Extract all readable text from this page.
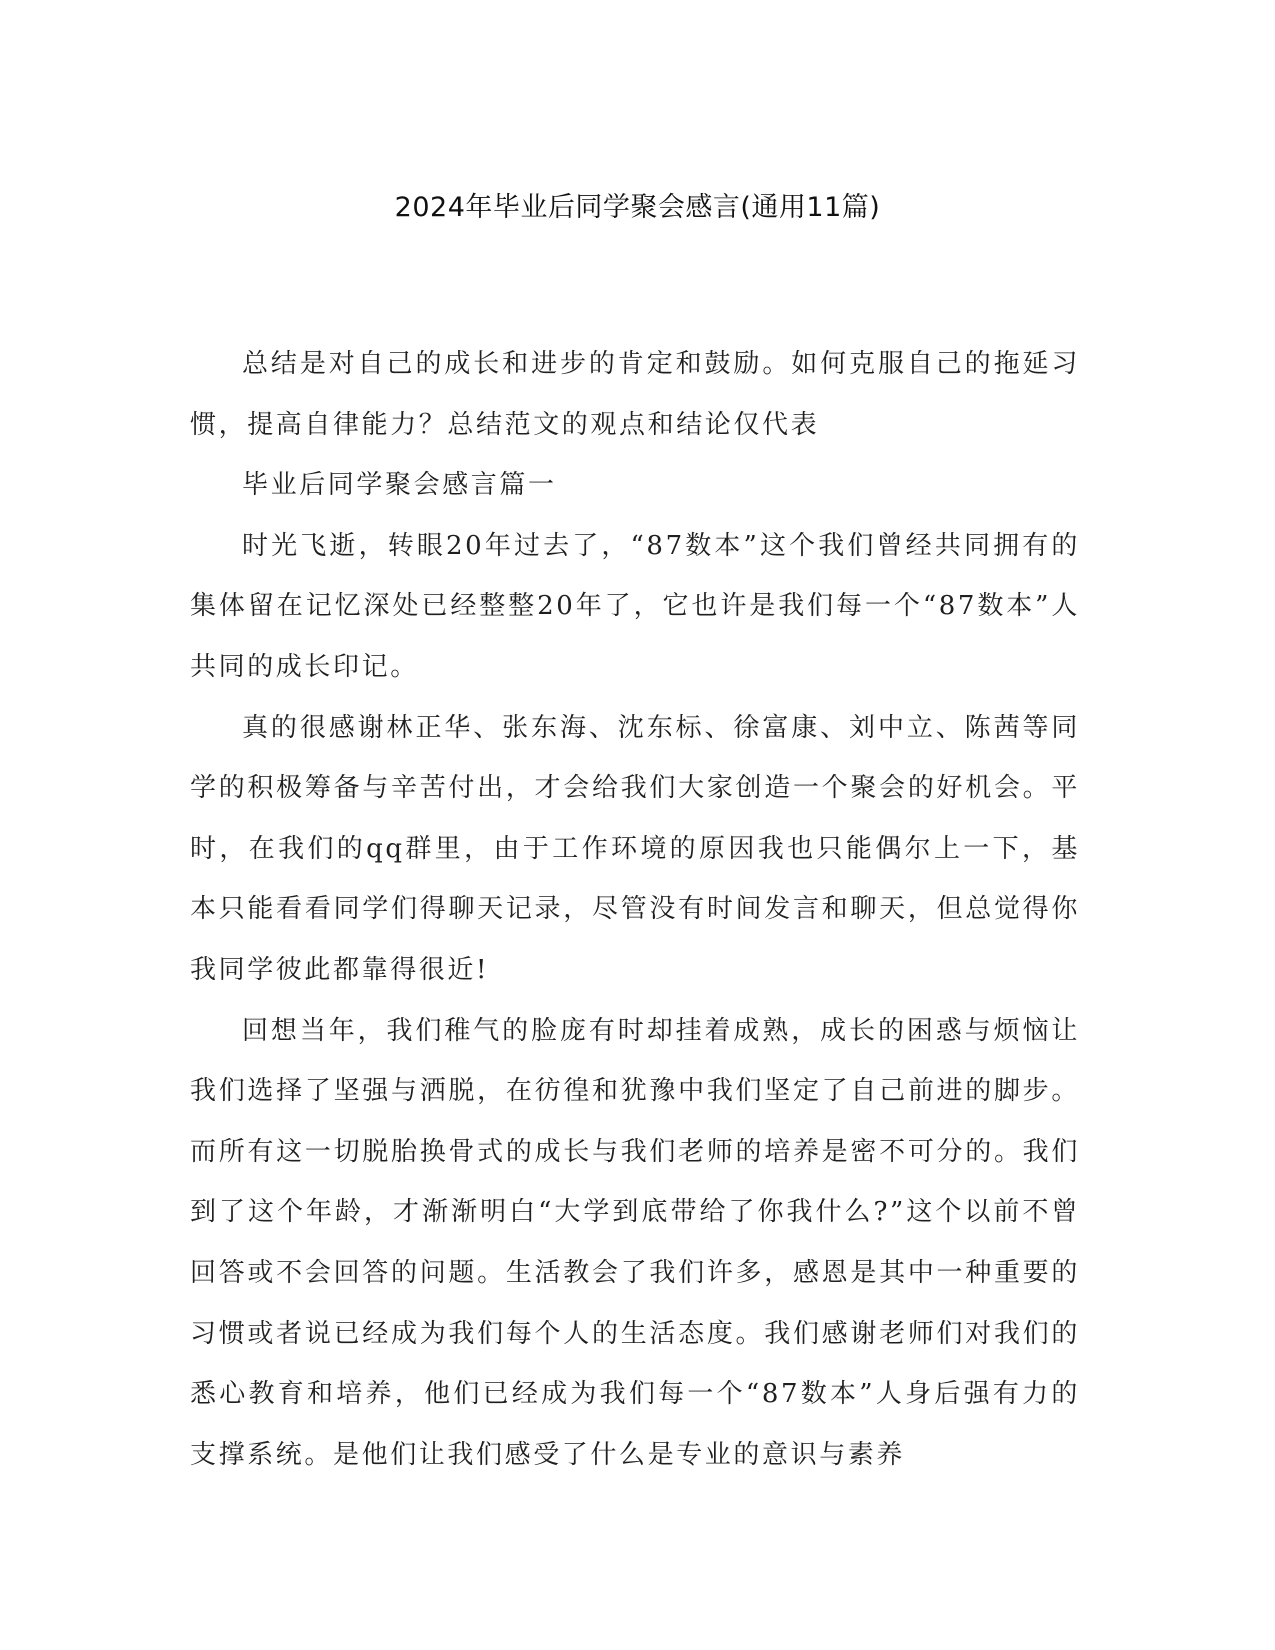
2024年毕业后同学聚会感言(通用11篇)

总结是对自己的成长和进步的肯定和鼓励。如何克服自己的拖延习惯，提高自律能力？总结范文的观点和结论仅代表

毕业后同学聚会感言篇一

时光飞逝，转眼20年过去了，“87数本”这个我们曾经共同拥有的集体留在记忆深处已经整整20年了，它也许是我们每一个“87数本”人共同的成长印记。

真的很感谢林正华、张东海、沈东标、徐富康、刘中立、陈茜等同学的积极筹备与辛苦付出，才会给我们大家创造一个聚会的好机会。平时，在我们的qq群里，由于工作环境的原因我也只能偶尔上一下，基本只能看看同学们得聊天记录，尽管没有时间发言和聊天，但总觉得你我同学彼此都靠得很近!

回想当年，我们稚气的脸庞有时却挂着成熟，成长的困惑与烦恼让我们选择了坚强与洒脱，在彷徨和犹豫中我们坚定了自己前进的脚步。而所有这一切脱胎换骨式的成长与我们老师的培养是密不可分的。我们到了这个年龄，才渐渐明白“大学到底带给了你我什么?”这个以前不曾回答或不会回答的问题。生活教会了我们许多，感恩是其中一种重要的习惯或者说已经成为我们每个人的生活态度。我们感谢老师们对我们的悉心教育和培养，他们已经成为我们每一个“87数本”人身后强有力的支撑系统。是他们让我们感受了什么是专业的意识与素养
